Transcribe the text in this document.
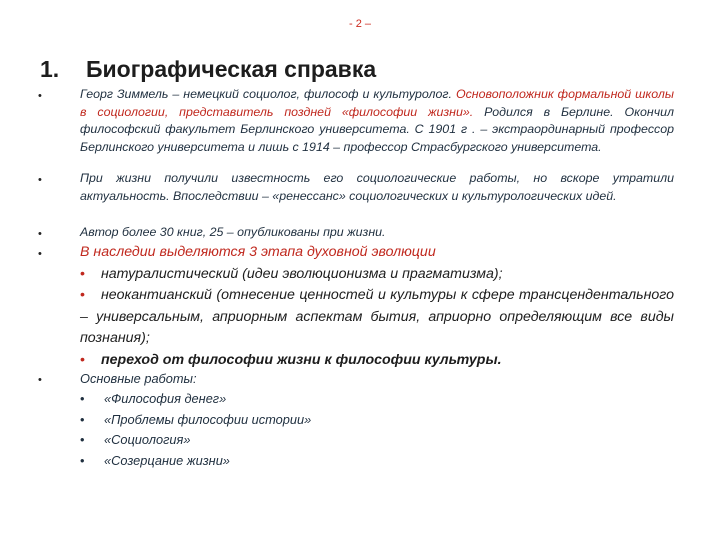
- 2 –
1. Биографическая справка
•	Георг Зиммель – немецкий социолог, философ и культуролог. Основоположник формальной школы в социологии, представитель поздней «философии жизни». Родился в Берлине. Окончил философский факультет Берлинского университета. С 1901 г . – экстраординарный профессор Берлинского университета и лишь с 1914 – профессор Страсбургского университета.
•	При жизни получили известность его социологические работы, но вскоре утратили актуальность. Впоследствии – «ренессанс» социологических и культурологических идей.
•	Автор более 30 книг, 25 – опубликованы при жизни.
•	В наследии выделяются 3 этапа духовной эволюции
• натуралистический (идеи эволюционизма и прагматизма);
• неокантианский (отнесение ценностей и культуры к сфере трансцендентального – универсальным, априорным аспектам бытия, априорно определяющим все виды познания);
• переход от философии жизни к философии культуры.
•	Основные работы:
• «Философия денег»
• «Проблемы философии истории»
• «Социология»
• «Созерцание жизни»
